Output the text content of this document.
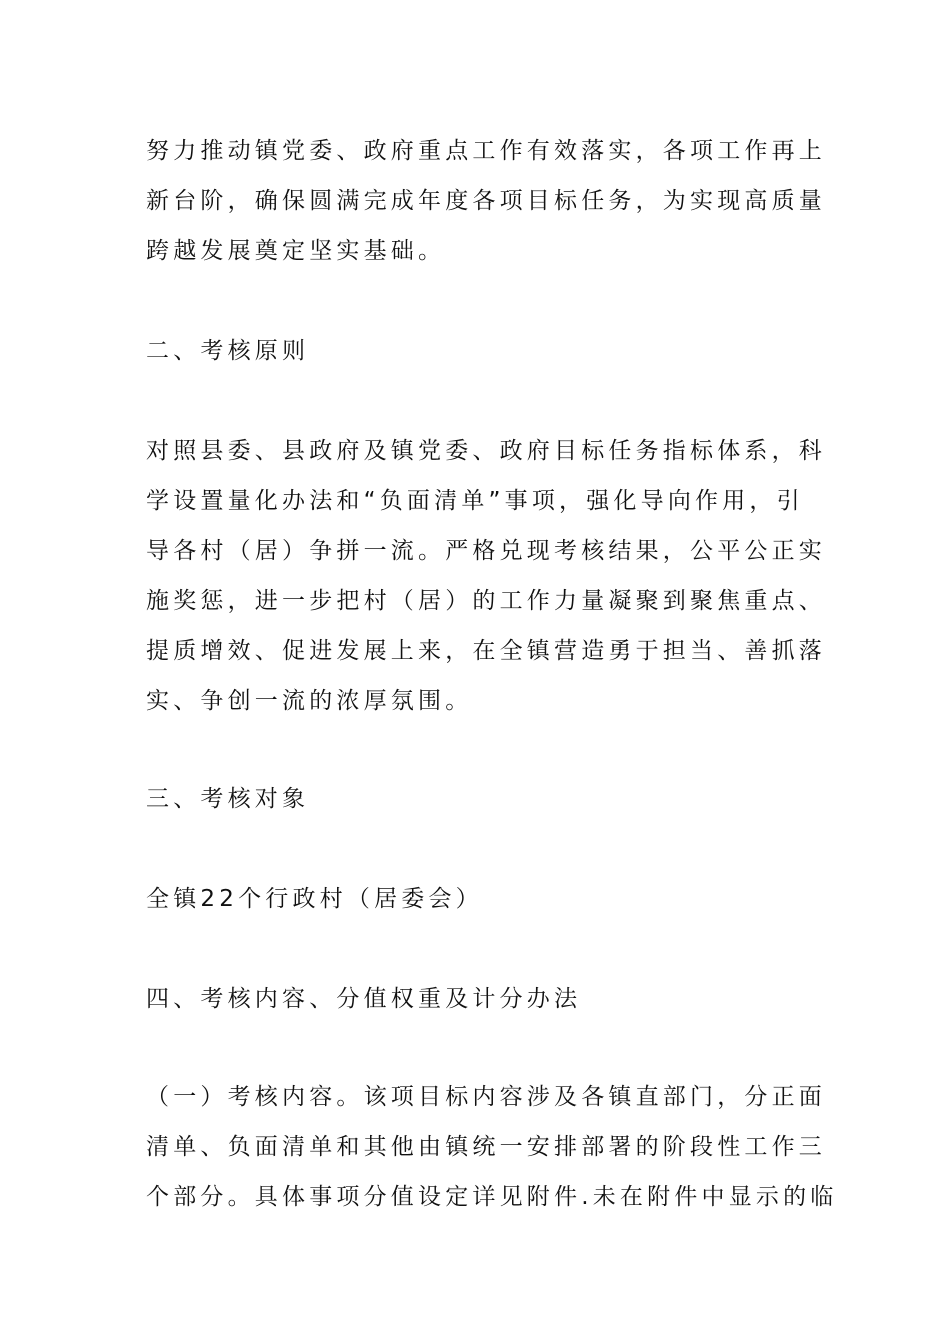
努力推动镇党委、政府重点工作有效落实，各项工作再上
新台阶，确保圆满完成年度各项目标任务，为实现高质量
跨越发展奠定坚实基础。
二、考核原则
对照县委、县政府及镇党委、政府目标任务指标体系，科
学设置量化办法和“负面清单”事项，强化导向作用，引
导各村（居）争拼一流。严格兑现考核结果，公平公正实
施奖惩，进一步把村（居）的工作力量凝聚到聚焦重点、
提质增效、促进发展上来，在全镇营造勇于担当、善抓落
实、争创一流的浓厚氛围。
三、考核对象
全镇22个行政村（居委会）
四、考核内容、分值权重及计分办法
（一）考核内容。该项目标内容涉及各镇直部门，分正面
清单、负面清单和其他由镇统一安排部署的阶段性工作三
个部分。具体事项分值设定详见附件.未在附件中显示的临
